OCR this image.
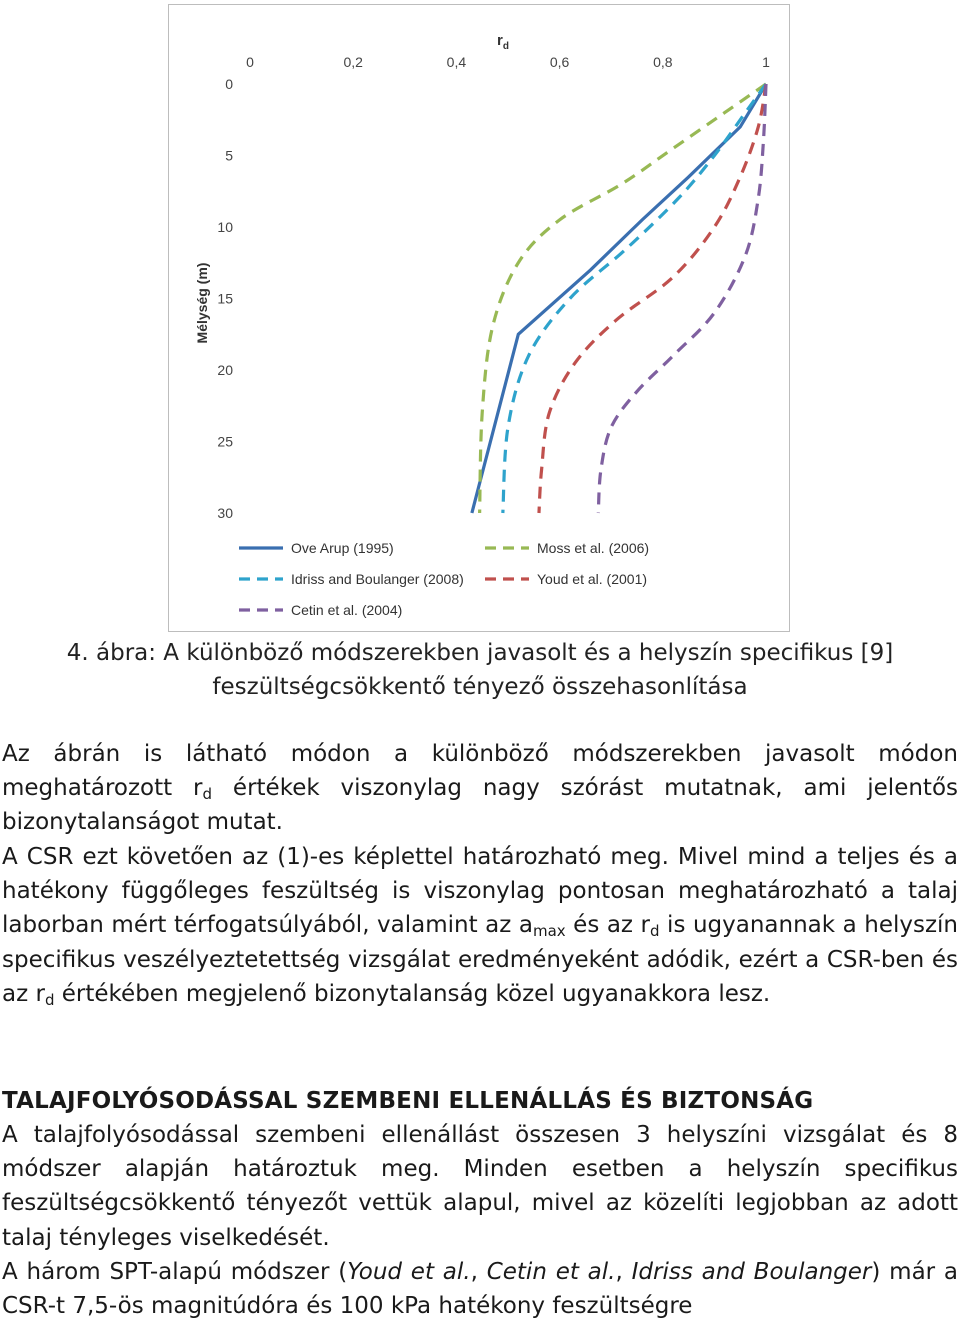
$r_d$
0	0,2	0,4	0,6	0,8	1
0
5
10
15
20
25
30
Mélység (m)
Ove Arup (1995)	Moss et al. (2006)
Idriss and Boulanger (2008)	Youd et al. (2001)
Cetin et al. (2004)
4. ábra: A különböző módszerekben javasolt és a helyszín specifikus [9]
feszültségcsökkentő tényező összehasonlítása

Az ábrán is látható módon a különböző módszerekben javasolt módon meghatározott $r_d$ értékek viszonylag nagy szórást mutatnak, ami jelentős bizonytalanságot mutat.

A CSR ezt követően az (1)-es képlettel határozható meg. Mivel mind a teljes és a hatékony függőleges feszültség is viszonylag pontosan meghatározható a talaj laborban mért térfogatsúlyából, valamint az $a_{max}$ és az $r_d$ is ugyanannak a helyszín specifikus veszélyeztetettség vizsgálat eredményeként adódik, ezért a CSR-ben és az $r_d$ értékében megjelenő bizonytalanság közel ugyanakkora lesz.

TALAJFOLYÓSODÁSSAL SZEMBENI ELLENÁLLÁS ÉS BIZTONSÁG

A talajfolyósodással szembeni ellenállást összesen 3 helyszíni vizsgálat és 8 módszer alapján határoztuk meg. Minden esetben a helyszín specifikus feszültségcsökkentő tényezőt vettük alapul, mivel az közelíti legjobban az adott talaj tényleges viselkedését.

A három SPT-alapú módszer (Youd et al., Cetin et al., Idriss and Boulanger) már a CSR-t 7,5-ös magnitúdóra és 100 kPa hatékony feszültségre
